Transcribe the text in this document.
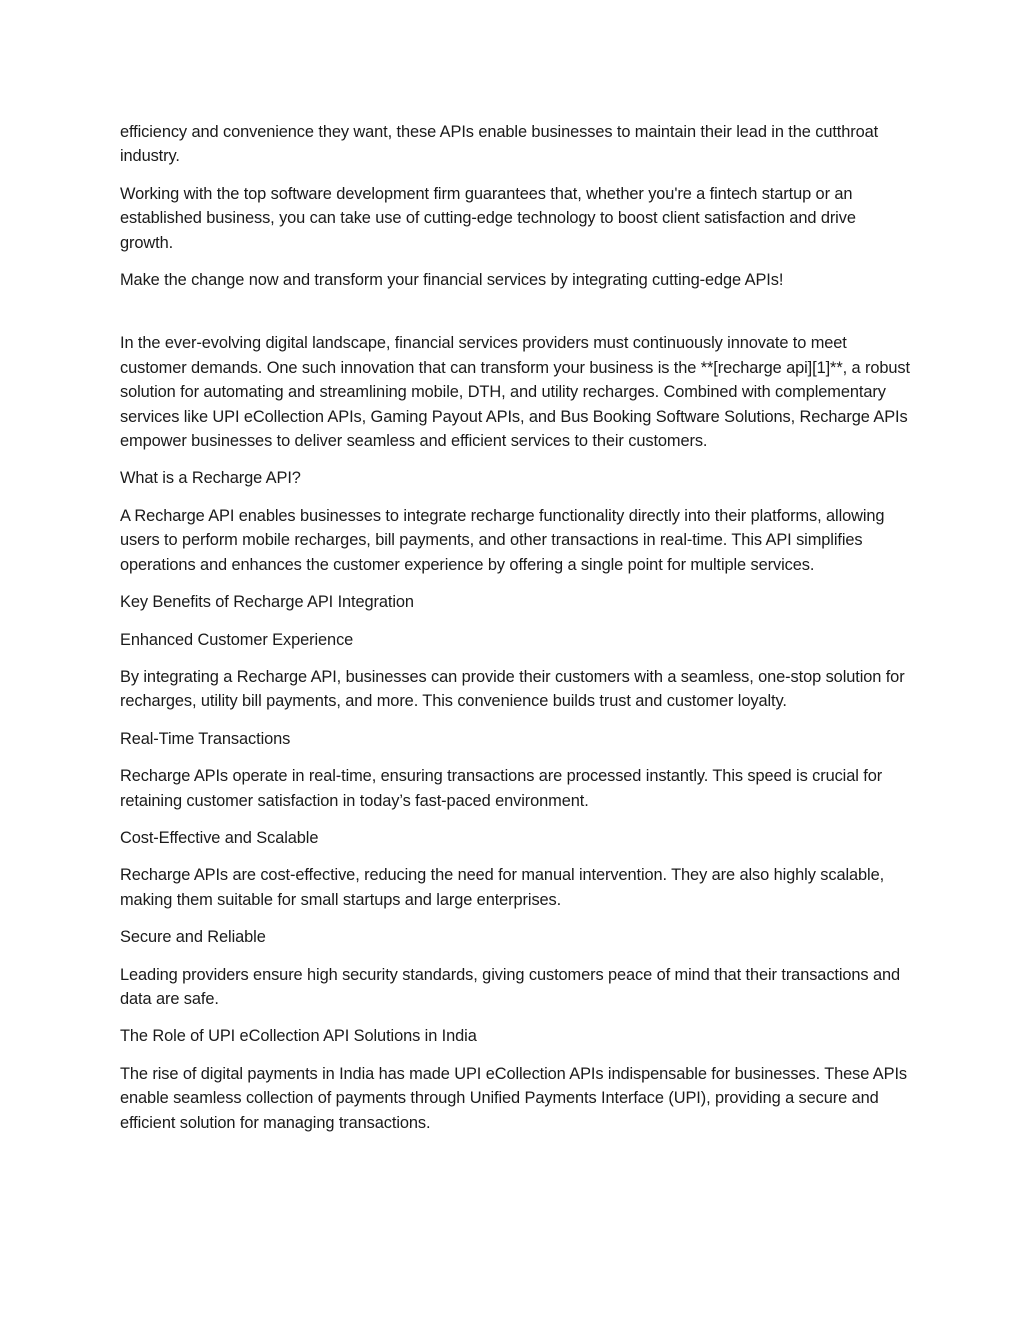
efficiency and convenience they want, these APIs enable businesses to maintain their lead in the cutthroat industry.

Working with the top software development firm guarantees that, whether you're a fintech startup or an established business, you can take use of cutting-edge technology to boost client satisfaction and drive growth.

Make the change now and transform your financial services by integrating cutting-edge APIs!

In the ever-evolving digital landscape, financial services providers must continuously innovate to meet customer demands. One such innovation that can transform your business is the **[recharge api][1]**, a robust solution for automating and streamlining mobile, DTH, and utility recharges. Combined with complementary services like UPI eCollection APIs, Gaming Payout APIs, and Bus Booking Software Solutions, Recharge APIs empower businesses to deliver seamless and efficient services to their customers.

What is a Recharge API?

A Recharge API enables businesses to integrate recharge functionality directly into their platforms, allowing users to perform mobile recharges, bill payments, and other transactions in real-time. This API simplifies operations and enhances the customer experience by offering a single point for multiple services.

Key Benefits of Recharge API Integration

Enhanced Customer Experience

By integrating a Recharge API, businesses can provide their customers with a seamless, one-stop solution for recharges, utility bill payments, and more. This convenience builds trust and customer loyalty.

Real-Time Transactions

Recharge APIs operate in real-time, ensuring transactions are processed instantly. This speed is crucial for retaining customer satisfaction in today’s fast-paced environment.

Cost-Effective and Scalable

Recharge APIs are cost-effective, reducing the need for manual intervention. They are also highly scalable, making them suitable for small startups and large enterprises.

Secure and Reliable

Leading providers ensure high security standards, giving customers peace of mind that their transactions and data are safe.

The Role of UPI eCollection API Solutions in India

The rise of digital payments in India has made UPI eCollection APIs indispensable for businesses. These APIs enable seamless collection of payments through Unified Payments Interface (UPI), providing a secure and efficient solution for managing transactions.
